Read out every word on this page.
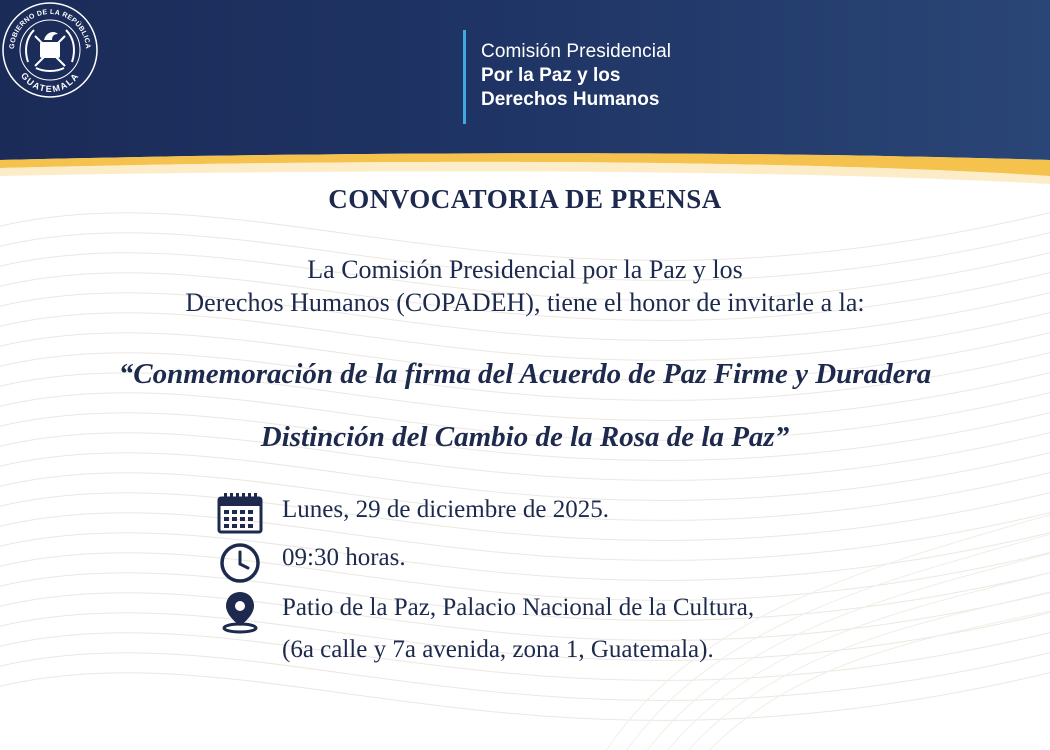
GOBIERNO DE LA REPÚBLICA
GUATEMALA
Comisión Presidencial
Por la Paz y los
Derechos Humanos
CONVOCATORIA DE PRENSA
La Comisión Presidencial por la Paz y los
Derechos Humanos (COPADEH), tiene el honor de invitarle a la:
“Conmemoración de la firma del Acuerdo de Paz Firme y Duradera
Distinción del Cambio de la Rosa de la Paz”
Lunes, 29 de diciembre de 2025.
09:30 horas.
Patio de la Paz, Palacio Nacional de la Cultura,
(6a calle y 7a avenida, zona 1, Guatemala).
